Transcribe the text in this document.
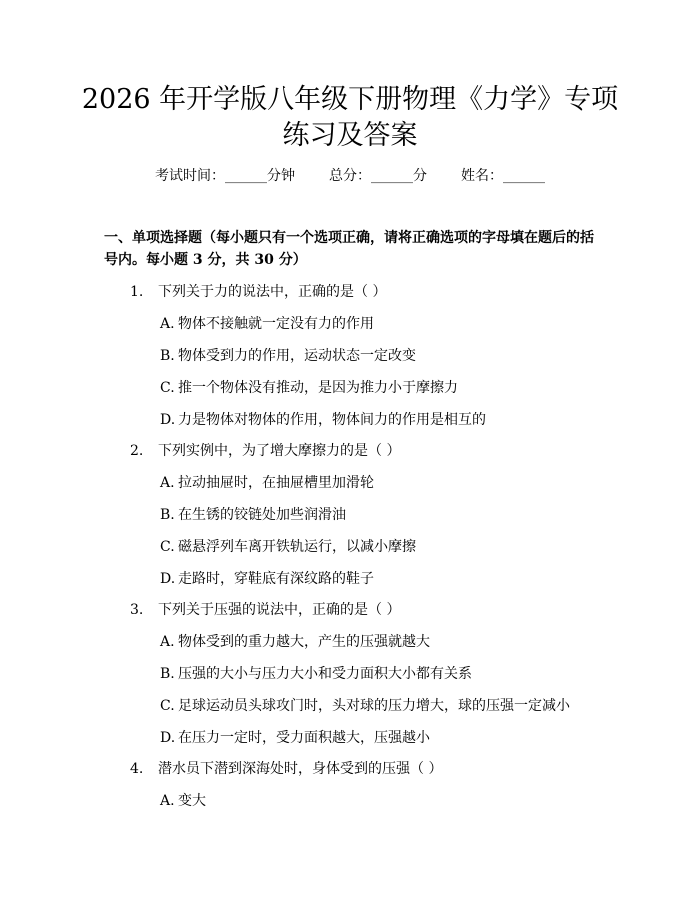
2026 年开学版八年级下册物理《力学》专项
练习及答案
考试时间：______分钟 总分：______分 姓名：______
一、单项选择题（每小题只有一个选项正确，请将正确选项的字母填在题后的括号内。每小题 3 分，共 30 分）
1. 下列关于力的说法中，正确的是（ ）
A. 物体不接触就一定没有力的作用
B. 物体受到力的作用，运动状态一定改变
C. 推一个物体没有推动，是因为推力小于摩擦力
D. 力是物体对物体的作用，物体间力的作用是相互的
2. 下列实例中，为了增大摩擦力的是（ ）
A. 拉动抽屉时，在抽屉槽里加滑轮
B. 在生锈的铰链处加些润滑油
C. 磁悬浮列车离开铁轨运行，以减小摩擦
D. 走路时，穿鞋底有深纹路的鞋子
3. 下列关于压强的说法中，正确的是（ ）
A. 物体受到的重力越大，产生的压强就越大
B. 压强的大小与压力大小和受力面积大小都有关系
C. 足球运动员头球攻门时，头对球的压力增大，球的压强一定减小
D. 在压力一定时，受力面积越大，压强越小
4. 潜水员下潜到深海处时，身体受到的压强（ ）
A. 变大
